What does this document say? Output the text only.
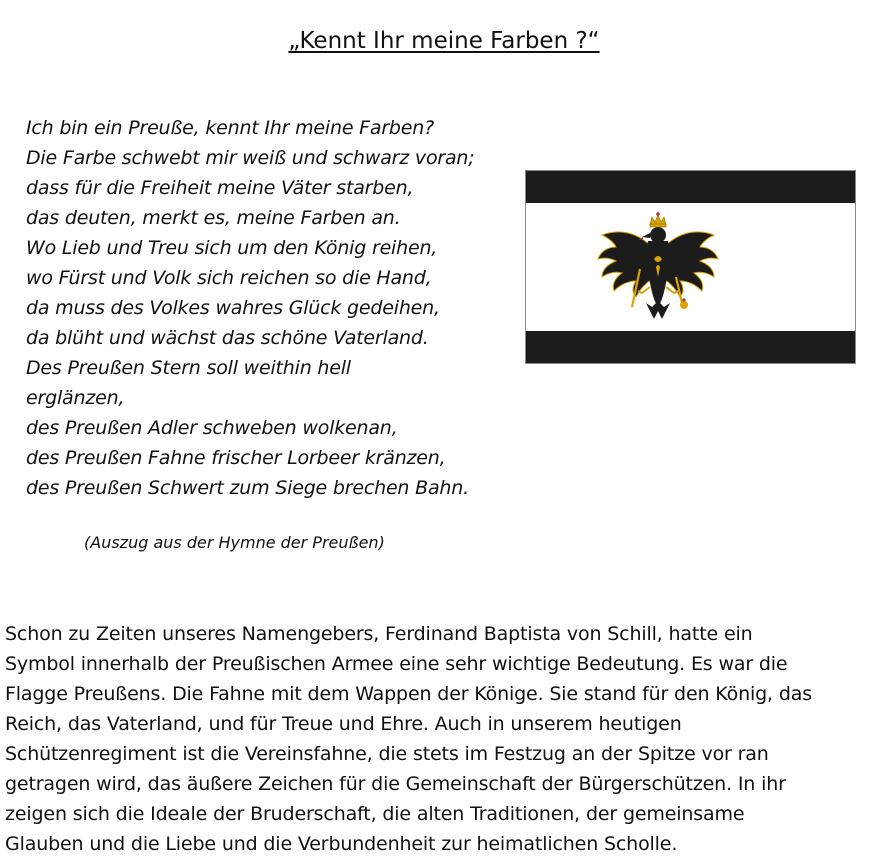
„Kennt Ihr meine Farben ?“
Ich bin ein Preuße, kennt Ihr meine Farben?
Die Farbe schwebt mir weiß und schwarz voran;
dass für die Freiheit meine Väter starben,
das deuten, merkt es, meine Farben an.
Wo Lieb und Treu sich um den König reihen,
wo Fürst und Volk sich reichen so die Hand,
da muss des Volkes wahres Glück gedeihen,
da blüht und wächst das schöne Vaterland.
Des Preußen Stern soll weithin hell
erglänzen,
des Preußen Adler schweben wolkenan,
des Preußen Fahne frischer Lorbeer kränzen,
des Preußen Schwert zum Siege brechen Bahn.
(Auszug aus der Hymne der Preußen)
Schon zu Zeiten unseres Namengebers, Ferdinand Baptista von Schill, hatte ein
Symbol innerhalb der Preußischen Armee eine sehr wichtige Bedeutung. Es war die
Flagge Preußens. Die Fahne mit dem Wappen der Könige. Sie stand für den König, das
Reich, das Vaterland, und für Treue und Ehre. Auch in unserem heutigen
Schützenregiment ist die Vereinsfahne, die stets im Festzug an der Spitze vor ran
getragen wird, das äußere Zeichen für die Gemeinschaft der Bürgerschützen. In ihr
zeigen sich die Ideale der Bruderschaft, die alten Traditionen, der gemeinsame
Glauben und die Liebe und die Verbundenheit zur heimatlichen Scholle.
